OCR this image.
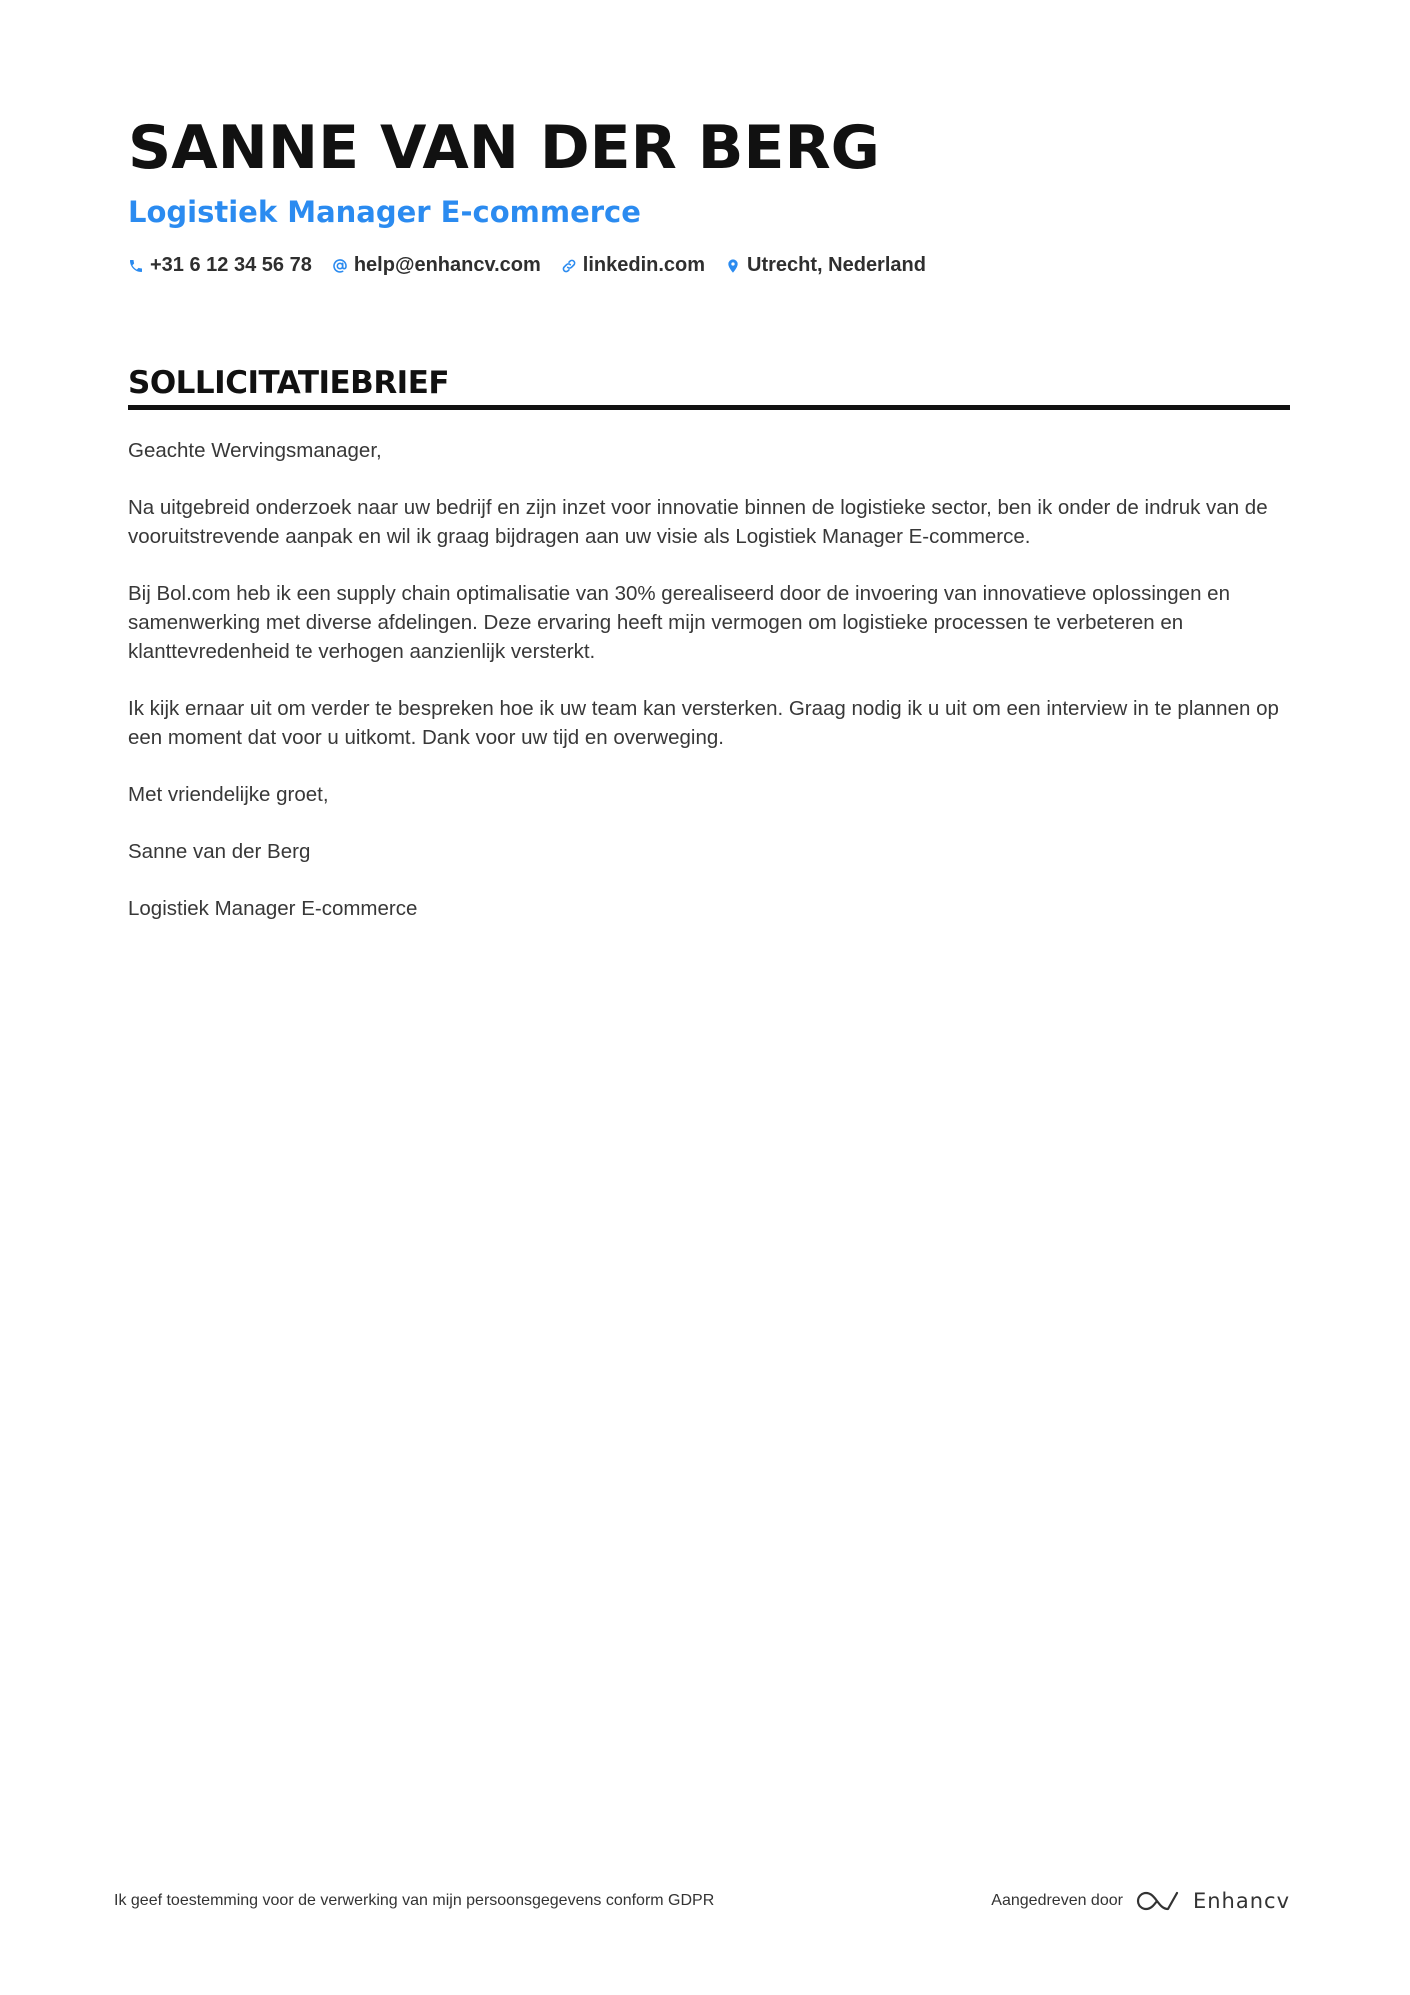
SANNE VAN DER BERG
Logistiek Manager E-commerce
+31 6 12 34 56 78 help@enhancv.com linkedin.com Utrecht, Nederland
SOLLICITATIEBRIEF

Geachte Wervingsmanager,

Na uitgebreid onderzoek naar uw bedrijf en zijn inzet voor innovatie binnen de logistieke sector, ben ik onder de indruk van de vooruitstrevende aanpak en wil ik graag bijdragen aan uw visie als Logistiek Manager E-commerce.

Bij Bol.com heb ik een supply chain optimalisatie van 30% gerealiseerd door de invoering van innovatieve oplossingen en samenwerking met diverse afdelingen. Deze ervaring heeft mijn vermogen om logistieke processen te verbeteren en klanttevredenheid te verhogen aanzienlijk versterkt.

Ik kijk ernaar uit om verder te bespreken hoe ik uw team kan versterken. Graag nodig ik u uit om een interview in te plannen op een moment dat voor u uitkomt. Dank voor uw tijd en overweging.

Met vriendelijke groet,

Sanne van der Berg

Logistiek Manager E-commerce

Ik geef toestemming voor de verwerking van mijn persoonsgegevens conform GDPR	Aangedreven door	Enhancv
